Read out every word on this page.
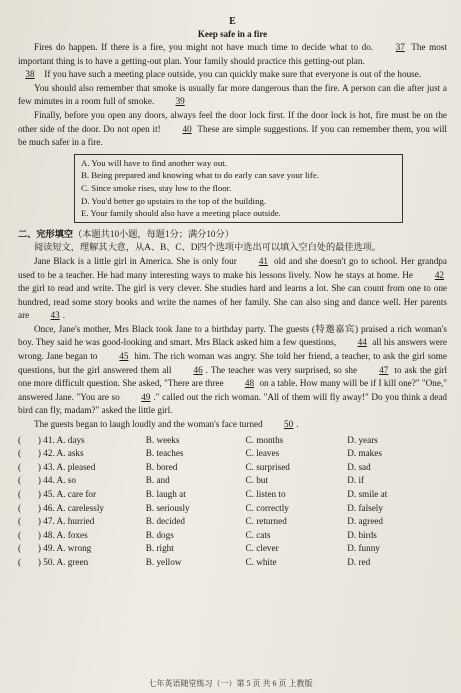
E
Keep safe in a fire

Fires do happen. If there is a fire, you might not have much time to decide what to do. 37 The most important thing is to have a getting-out plan. Your family should practice this getting-out plan.

38 If you have such a meeting place outside, you can quickly make sure that everyone is out of the house.

You should also remember that smoke is usually far more dangerous than the fire. A person can die after just a few minutes in a room full of smoke. 39

Finally, before you open any doors, always feel the door lock first. If the door lock is hot, fire must be on the other side of the door. Do not open it! 40 These are simple suggestions. If you can remember them, you will be much safer in a fire.

A. You will have to find another way out.
B. Being prepared and knowing what to do early can save your life.
C. Since smoke rises, stay low to the floor.
D. You'd better go upstairs to the top of the building.
E. Your family should also have a meeting place outside.

二、完形填空（本题共10小题，每题1分；满分10分）

阅读短文，理解其大意，从A、B、C、D四个选项中选出可以填入空白处的最佳选项。

Jane Black is a little girl in America. She is only four 41 old and she doesn't go to school. Her grandpa used to be a teacher. He had many interesting ways to make his lessons lively. Now he stays at home. He 42 the girl to read and write. The girl is very clever. She studies hard and learns a lot. She can count from one to one hundred, read some story books and write the names of her family. She can also sing and dance well. Her parents are 43 .

Once, Jane's mother, Mrs Black took Jane to a birthday party. The guests (特邀嘉宾) praised a rich woman's boy. They said he was good-looking and smart. Mrs Black asked him a few questions, 44 all his answers were wrong. Jane began to 45 him. The rich woman was angry. She told her friend, a teacher, to ask the girl some questions, but the girl answered them all 46 . The teacher was very surprised, so she 47 to ask the girl one more difficult question. She asked, "There are three 48 on a table. How many will be if I kill one?" "One," answered Jane. "You are so 49 ." called out the rich woman. "All of them will fly away!" Do you think a dead bird can fly, madam?" asked the little girl.

The guests began to laugh loudly and the woman's face turned 50 .

(	) 41. A. days	B. weeks	C. months	D. years
(	) 42. A. asks	B. teaches	C. leaves	D. makes
(	) 43. A. pleased	B. bored	C. surprised	D. sad
(	) 44. A. so	B. and	C. but	D. if
(	) 45. A. care for	B. laugh at	C. listen to	D. smile at
(	) 46. A. carelessly	B. seriously	C. correctly	D. falsely
(	) 47. A. hurried	B. decided	C. returned	D. agreed
(	) 48. A. foxes	B. dogs	C. cats	D. birds
(	) 49. A. wrong	B. right	C. clever	D. funny
(	) 50. A. green	B. yellow	C. white	D. red
七年英语随堂练习（一）第 5 页 共 6 页 上教版
